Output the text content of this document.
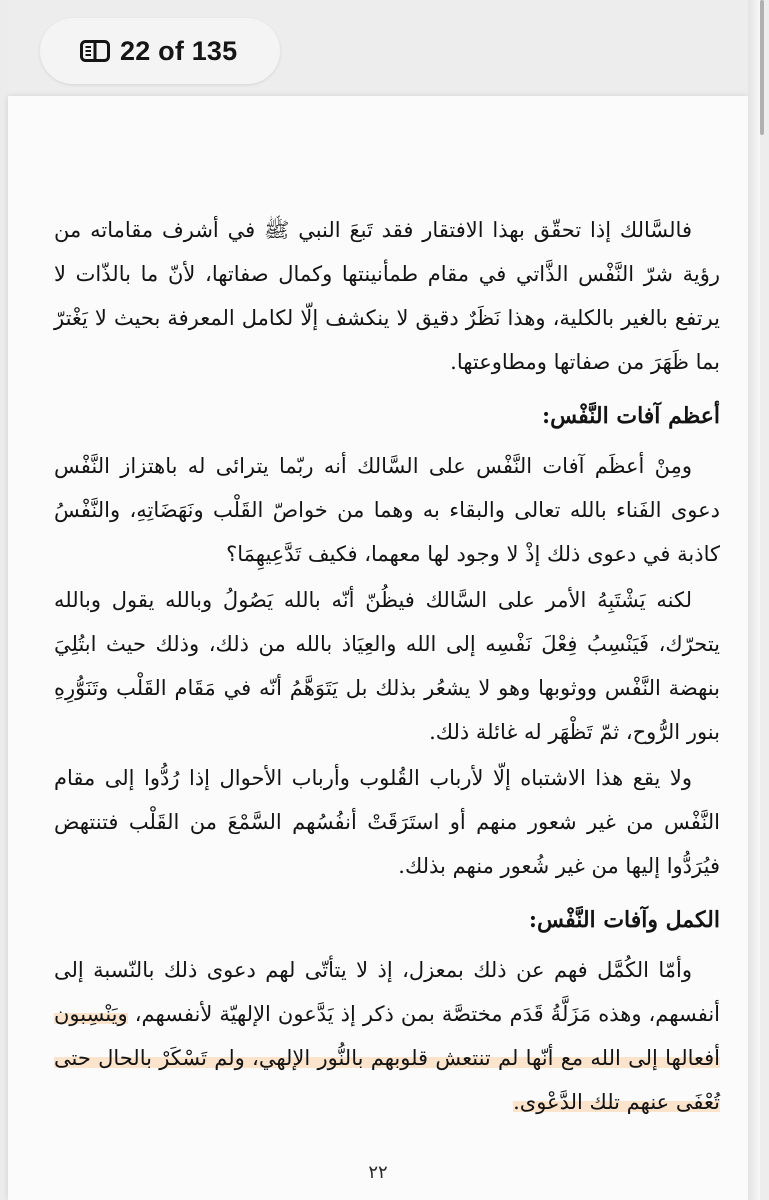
فالسَّالك إذا تحقّق بهذا الافتقار فقد تَبعَ النبي ﷺ في أشرف مقاماته من رؤية شرّ النَّفْس الذَّاتي في مقام طمأنينتها وكمال صفاتها، لأنّ ما بالذّات لا يرتفع بالغير بالكلية، وهذا نَظَرٌ دقيق لا ينكشف إلّا لكامل المعرفة بحيث لا يَغْترّ بما ظَهَرَ من صفاتها ومطاوعتها.

أعظم آفات النَّفْس:

ومِنْ أعظَم آفات النَّفْس على السَّالك أنه ربّما يترائى له باهتزاز النَّفْس دعوى الفَناء بالله تعالى والبقاء به وهما من خواصّ القَلْب ونَهَضَاتِهِ، والنَّفْسُ كاذبة في دعوى ذلك إذْ لا وجود لها معهما، فكيف تَدَّعِيهِمَا؟

لكنه يَشْتَبِهُ الأمر على السَّالك فيظُنّ أنّه بالله يَصُولُ وبالله يقول وبالله يتحرّك، فَيَنْسِبُ فِعْلَ نَفْسِه إلى الله والعِيَاذ بالله من ذلك، وذلك حيث ابتُلِيَ بنهضة النَّفْس ووثوبها وهو لا يشعُر بذلك بل يَتَوَهَّمُ أنّه في مَقَام القَلْب وتَنَوُّرِهِ بنور الرُّوح، ثمّ تَظْهَر له غائلة ذلك.

ولا يقع هذا الاشتباه إلّا لأرباب القُلوب وأرباب الأحوال إذا رُدُّوا إلى مقام النَّفْس من غير شعور منهم أو استَرَقَتْ أنفُسُهم السَّمْعَ من القَلْب فتنتهض فيُرَدُّوا إليها من غير شُعور منهم بذلك.

الكمل وآفات النَّفْس:

وأمّا الكُمَّل فهم عن ذلك بمعزل، إذ لا يتأتّى لهم دعوى ذلك بالنّسبة إلى أنفسهم، وهذه مَزَلَّةُ قَدَم مختصَّة بمن ذكر إذ يَدَّعون الإلهيّة لأنفسهم، ويَنْسِبون أفعالها إلى الله مع أنّها لم تنتعش قلوبهم بالنُّور الإلهي، ولم تَسْكَرْ بالحال حتى تُعْفَى عنهم تلك الدَّعْوى.

٢٢
22 of 135
